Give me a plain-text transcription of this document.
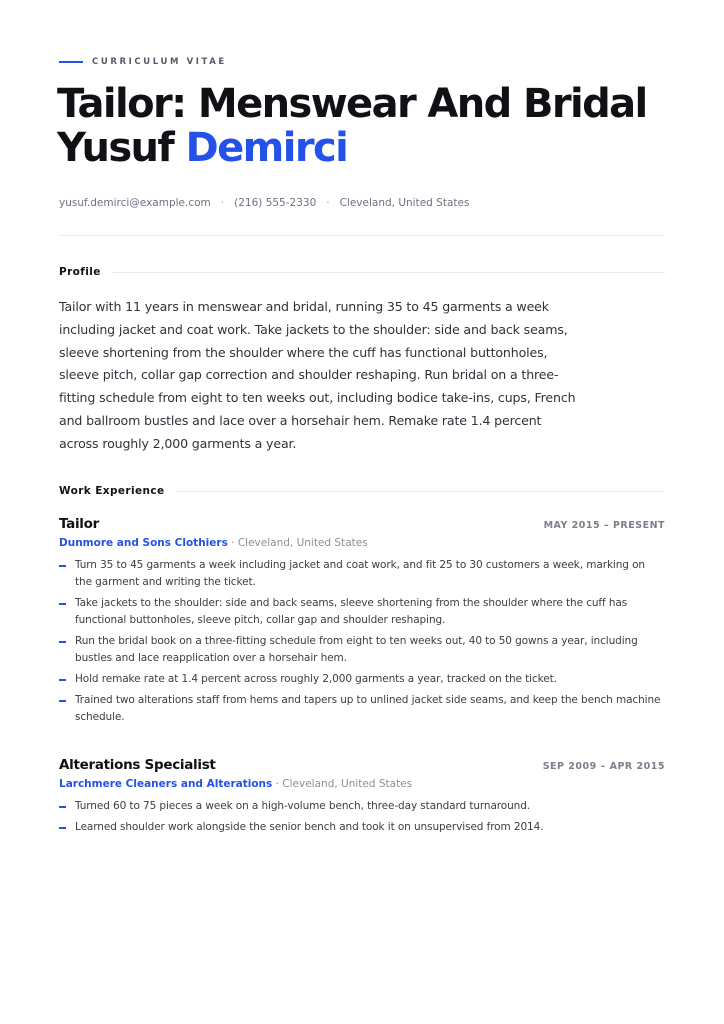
CURRICULUM VITAE
Tailor: Menswear And Bridal Yusuf Demirci
yusuf.demirci@example.com · (216) 555-2330 · Cleveland, United States
Profile

Tailor with 11 years in menswear and bridal, running 35 to 45 garments a week including jacket and coat work. Take jackets to the shoulder: side and back seams, sleeve shortening from the shoulder where the cuff has functional buttonholes, sleeve pitch, collar gap correction and shoulder reshaping. Run bridal on a three-fitting schedule from eight to ten weeks out, including bodice take-ins, cups, French and ballroom bustles and lace over a horsehair hem. Remake rate 1.4 percent across roughly 2,000 garments a year.

Work Experience
Tailor	MAY 2015 – PRESENT
Dunmore and Sons Clothiers · Cleveland, United States
Turn 35 to 45 garments a week including jacket and coat work, and fit 25 to 30 customers a week, marking on the garment and writing the ticket.
Take jackets to the shoulder: side and back seams, sleeve shortening from the shoulder where the cuff has functional buttonholes, sleeve pitch, collar gap and shoulder reshaping.
Run the bridal book on a three-fitting schedule from eight to ten weeks out, 40 to 50 gowns a year, including bustles and lace reapplication over a horsehair hem.
Hold remake rate at 1.4 percent across roughly 2,000 garments a year, tracked on the ticket.
Trained two alterations staff from hems and tapers up to unlined jacket side seams, and keep the bench machine schedule.
Alterations Specialist	SEP 2009 – APR 2015
Larchmere Cleaners and Alterations · Cleveland, United States
Turned 60 to 75 pieces a week on a high-volume bench, three-day standard turnaround.
Learned shoulder work alongside the senior bench and took it on unsupervised from 2014.
